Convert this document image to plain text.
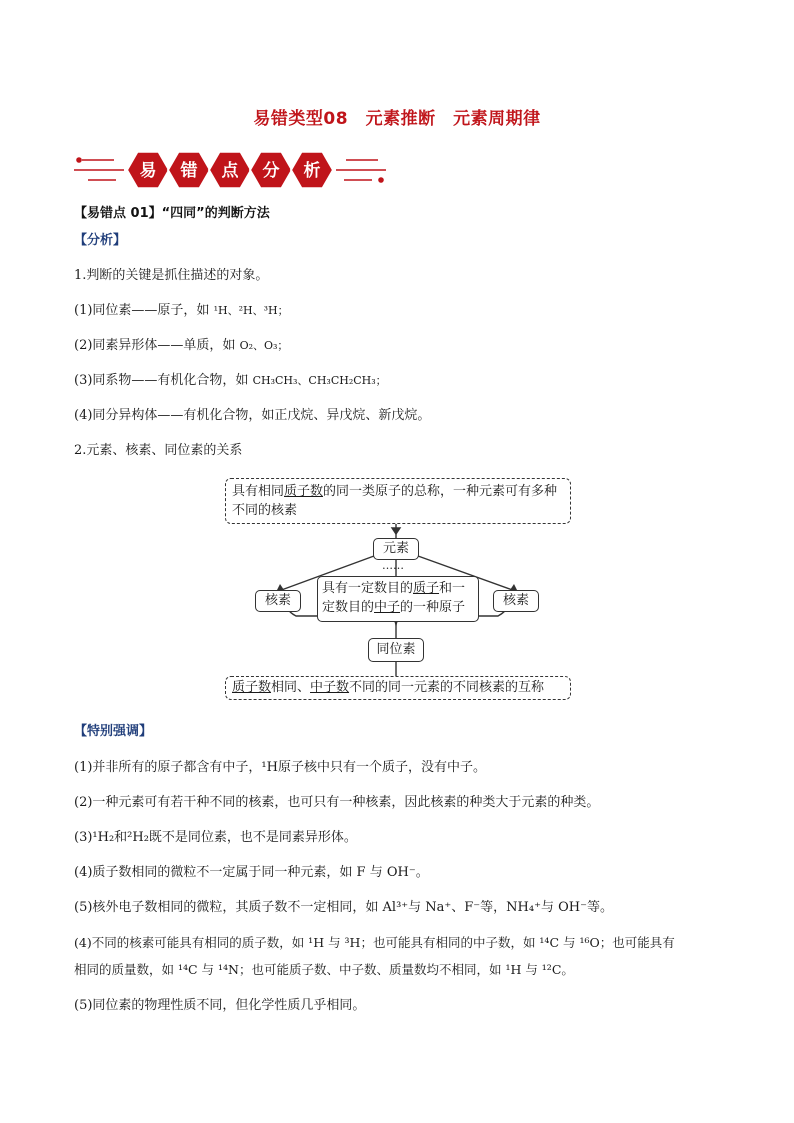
易错类型08　元素推断　元素周期律
易 错 点 分 析
【易错点 01】“四同”的判断方法
【分析】
1.判断的关键是抓住描述的对象。
(1)同位素——原子，如 ¹H、²H、³H；
(2)同素异形体——单质，如 O₂、O₃；
(3)同系物——有机化合物，如 CH₃CH₃、CH₃CH₂CH₃；
(4)同分异构体——有机化合物，如正戊烷、异戊烷、新戊烷。
2.元素、核素、同位素的关系
具有相同质子数的同一类原子的总称，一种元素可有多种不同的核素
元素
……
核素	核素
具有一定数目的质子和一定数目的中子的一种原子
同位素
质子数相同、中子数不同的同一元素的不同核素的互称
【特别强调】
(1)并非所有的原子都含有中子，¹H原子核中只有一个质子，没有中子。
(2)一种元素可有若干种不同的核素，也可只有一种核素，因此核素的种类大于元素的种类。
(3)¹H₂和²H₂既不是同位素，也不是同素异形体。
(4)质子数相同的微粒不一定属于同一种元素，如 F 与 OH⁻。
(5)核外电子数相同的微粒，其质子数不一定相同，如 Al³⁺与 Na⁺、F⁻等，NH₄⁺与 OH⁻等。
(4)不同的核素可能具有相同的质子数，如 ¹H 与 ³H；也可能具有相同的中子数，如 ¹⁴C 与 ¹⁶O；也可能具有
相同的质量数，如 ¹⁴C 与 ¹⁴N；也可能质子数、中子数、质量数均不相同，如 ¹H 与 ¹²C。
(5)同位素的物理性质不同，但化学性质几乎相同。
